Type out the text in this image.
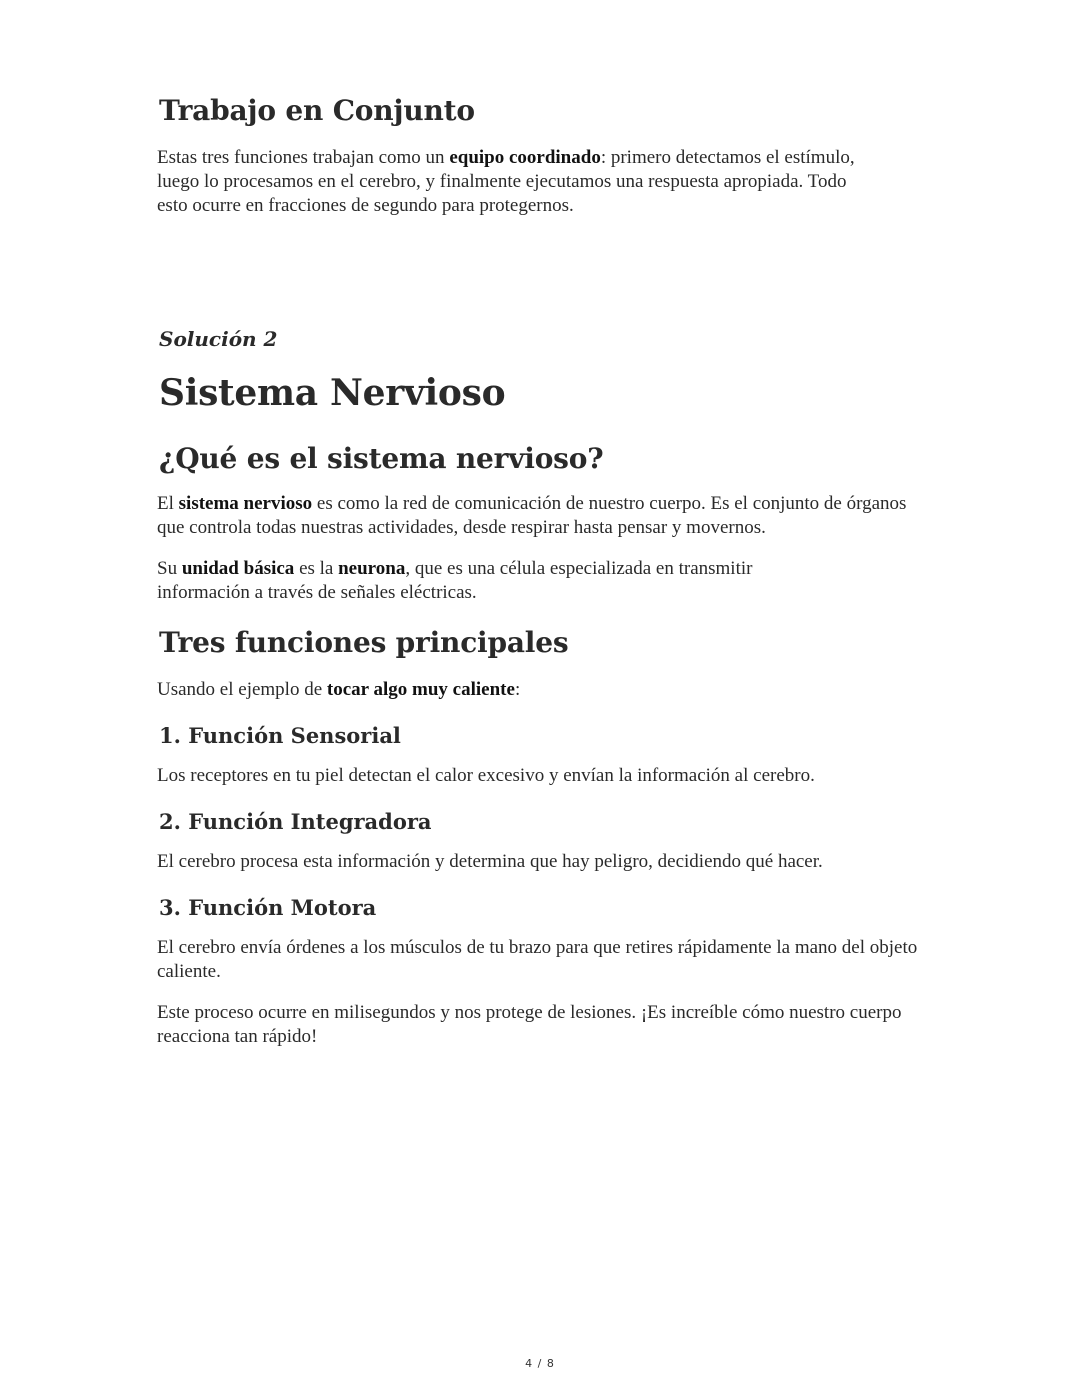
Trabajo en Conjunto

Estas tres funciones trabajan como un equipo coordinado: primero detectamos el estímulo, luego lo procesamos en el cerebro, y finalmente ejecutamos una respuesta apropiada. Todo esto ocurre en fracciones de segundo para protegernos.

Solución 2
Sistema Nervioso
¿Qué es el sistema nervioso?

El sistema nervioso es como la red de comunicación de nuestro cuerpo. Es el conjunto de órganos que controla todas nuestras actividades, desde respirar hasta pensar y movernos.

Su unidad básica es la neurona, que es una célula especializada en transmitir información a través de señales eléctricas.

Tres funciones principales

Usando el ejemplo de tocar algo muy caliente:

1. Función Sensorial

Los receptores en tu piel detectan el calor excesivo y envían la información al cerebro.

2. Función Integradora

El cerebro procesa esta información y determina que hay peligro, decidiendo qué hacer.

3. Función Motora

El cerebro envía órdenes a los músculos de tu brazo para que retires rápidamente la mano del objeto caliente.

Este proceso ocurre en milisegundos y nos protege de lesiones. ¡Es increíble cómo nuestro cuerpo reacciona tan rápido!

4 / 8
